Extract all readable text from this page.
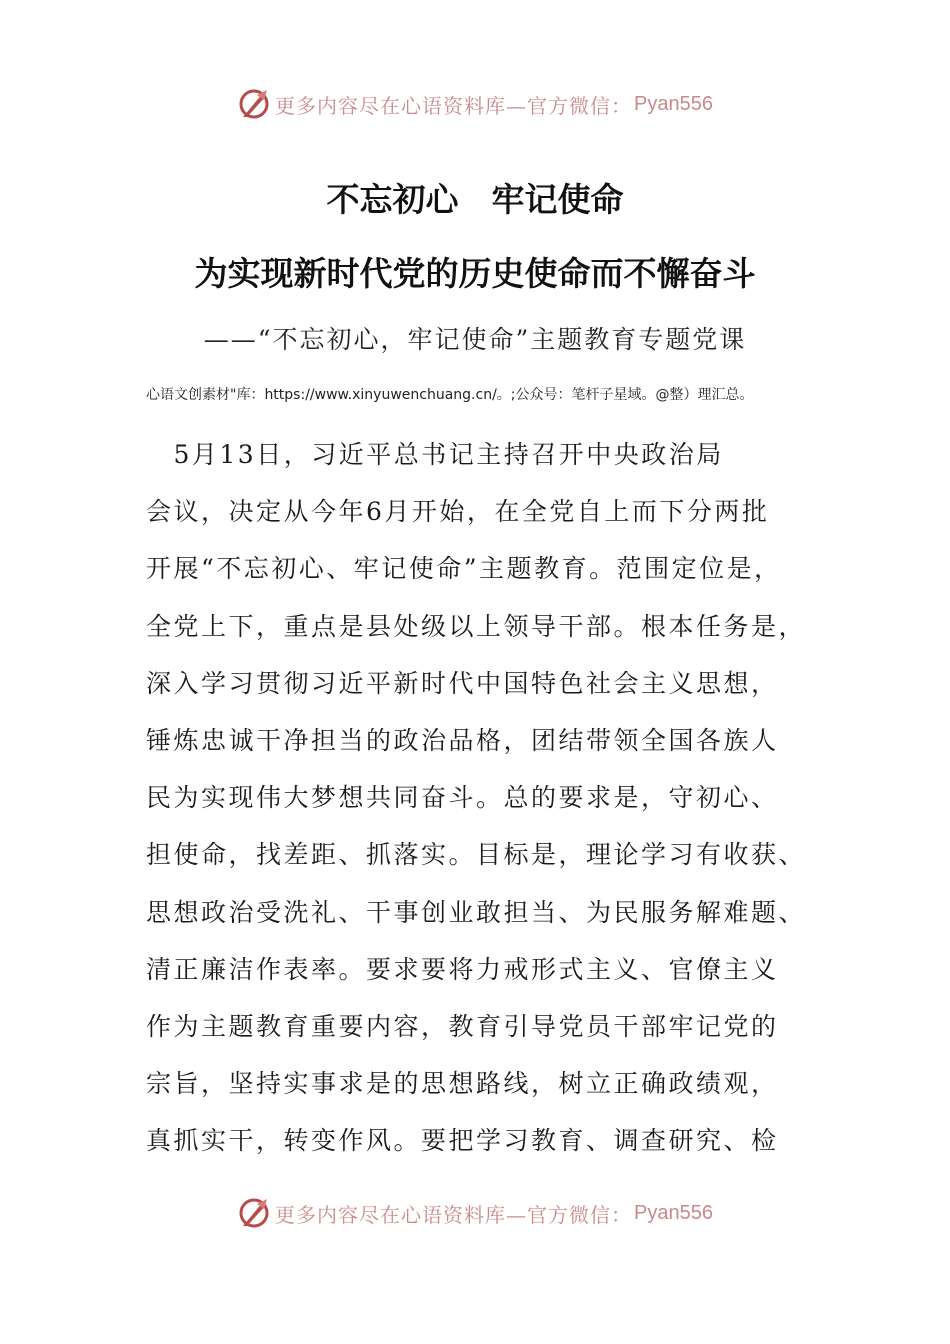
更多内容尽在心语资料库—官方微信： Pyan556
不忘初心　牢记使命
为实现新时代党的历史使命而不懈奋斗
——“不忘初心，牢记使命”主题教育专题党课
心语文创素材"库：https://www.xinyuwenchuang.cn/。;公众号：笔杆子星域。@整）理汇总。
　5月13日，习近平总书记主持召开中央政治局
会议，决定从今年6月开始，在全党自上而下分两批
开展“不忘初心、牢记使命”主题教育。范围定位是，
全党上下，重点是县处级以上领导干部。根本任务是，
深入学习贯彻习近平新时代中国特色社会主义思想，
锤炼忠诚干净担当的政治品格，团结带领全国各族人
民为实现伟大梦想共同奋斗。总的要求是，守初心、
担使命，找差距、抓落实。目标是，理论学习有收获、
思想政治受洗礼、干事创业敢担当、为民服务解难题、
清正廉洁作表率。要求要将力戒形式主义、官僚主义
作为主题教育重要内容，教育引导党员干部牢记党的
宗旨，坚持实事求是的思想路线，树立正确政绩观，
真抓实干，转变作风。要把学习教育、调查研究、检
更多内容尽在心语资料库—官方微信： Pyan556
